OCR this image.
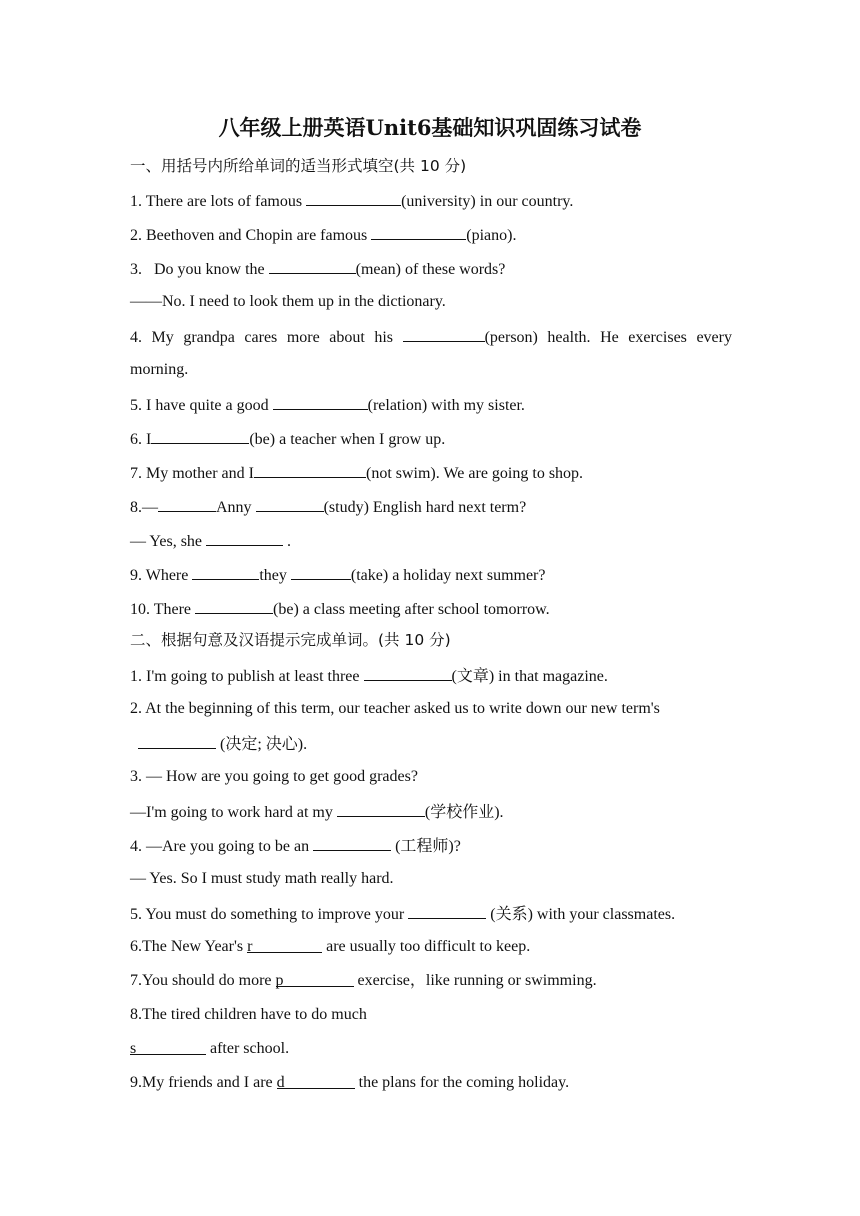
八年级上册英语Unit6基础知识巩固练习试卷
一、用括号内所给单词的适当形式填空(共 10 分)
1. There are lots of famous	(university) in our country.
2. Beethoven and Chopin are famous	(piano).
3.   Do you know the	(mean) of these words?
——No. I need to look them up in the dictionary.
4. My grandpa cares more about his	(person) health. He exercises every
morning.
5. I have quite a good	(relation) with my sister.
6. I	(be) a teacher when I grow up.
7. My mother and I	(not swim). We are going to shop.
8.—	Anny	(study) English hard next term?
— Yes, she	.
9. Where	they	(take) a holiday next summer?
10. There	(be) a class meeting after school tomorrow.
二、根据句意及汉语提示完成单词。(共 10 分)
1. I'm going to publish at least three	(文章) in that magazine.
2. At the beginning of this term, our teacher asked us to write down our new term's
(决定; 决心).
3. — How are you going to get good grades?
—I'm going to work hard at my	(学校作业).
4. —Are you going to be an	(工程师)?
— Yes. So I must study math really hard.
5. You must do something to improve your	(关系) with your classmates.
6.The New Year's r	are usually too difficult to keep.
7.You should do more p	exercise，like running or swimming.
8.The tired children have to do much
s	after school.
9.My friends and I are d	the plans for the coming holiday.
